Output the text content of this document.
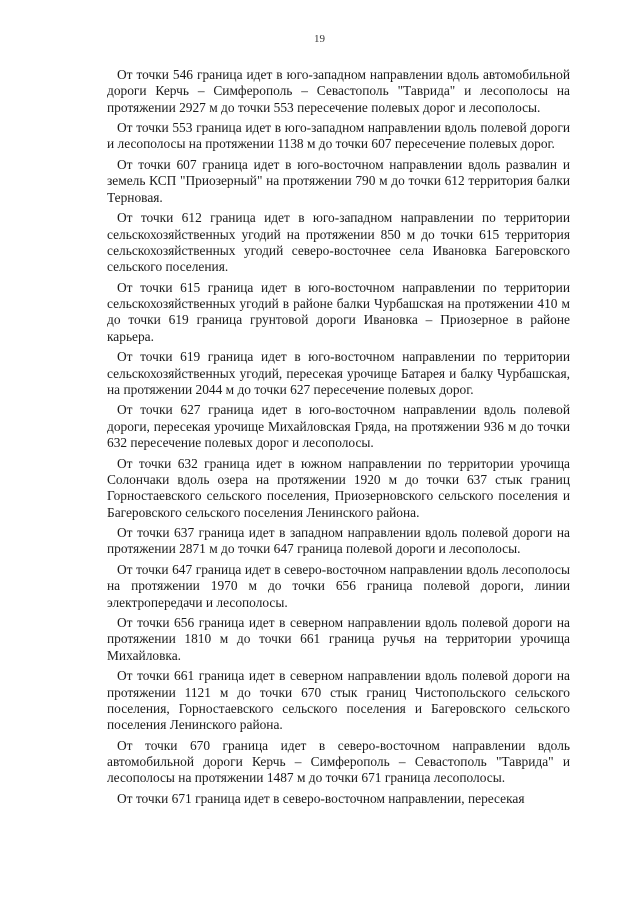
19

От точки 546 граница идет в юго-западном направлении вдоль автомобильной дороги Керчь – Симферополь – Севастополь "Таврида" и лесополосы на протяжении 2927 м до точки 553 пересечение полевых дорог и лесополосы.

От точки 553 граница идет в юго-западном направлении вдоль полевой дороги и лесополосы на протяжении 1138 м до точки 607 пересечение полевых дорог.

От точки 607 граница идет в юго-восточном направлении вдоль развалин и земель КСП "Приозерный" на протяжении 790 м до точки 612 территория балки Терновая.

От точки 612 граница идет в юго-западном направлении по территории сельскохозяйственных угодий на протяжении 850 м до точки 615 территория сельскохозяйственных угодий северо-восточнее села Ивановка Багеровского сельского поселения.

От точки 615 граница идет в юго-восточном направлении по территории сельскохозяйственных угодий в районе балки Чурбашская на протяжении 410 м до точки 619 граница грунтовой дороги Ивановка – Приозерное в районе карьера.

От точки 619 граница идет в юго-восточном направлении по территории сельскохозяйственных угодий, пересекая урочище Батарея и балку Чурбашская, на протяжении 2044 м до точки 627 пересечение полевых дорог.

От точки 627 граница идет в юго-восточном направлении вдоль полевой дороги, пересекая урочище Михайловская Гряда, на протяжении 936 м до точки 632 пересечение полевых дорог и лесополосы.

От точки 632 граница идет в южном направлении по территории урочища Солончаки вдоль озера на протяжении 1920 м до точки 637 стык границ Горностаевского сельского поселения, Приозерновского сельского поселения и Багеровского сельского поселения Ленинского района.

От точки 637 граница идет в западном направлении вдоль полевой дороги на протяжении 2871 м до точки 647 граница полевой дороги и лесополосы.

От точки 647 граница идет в северо-восточном направлении вдоль лесополосы на протяжении 1970 м до точки 656 граница полевой дороги, линии электропередачи и лесополосы.

От точки 656 граница идет в северном направлении вдоль полевой дороги на протяжении 1810 м до точки 661 граница ручья на территории урочища Михайловка.

От точки 661 граница идет в северном направлении вдоль полевой дороги на протяжении 1121 м до точки 670 стык границ Чистопольского сельского поселения, Горностаевского сельского поселения и Багеровского сельского поселения Ленинского района.

От точки 670 граница идет в северо-восточном направлении вдоль автомобильной дороги Керчь – Симферополь – Севастополь "Таврида" и лесополосы на протяжении 1487 м до точки 671 граница лесополосы.

От точки 671 граница идет в северо-восточном направлении, пересекая
